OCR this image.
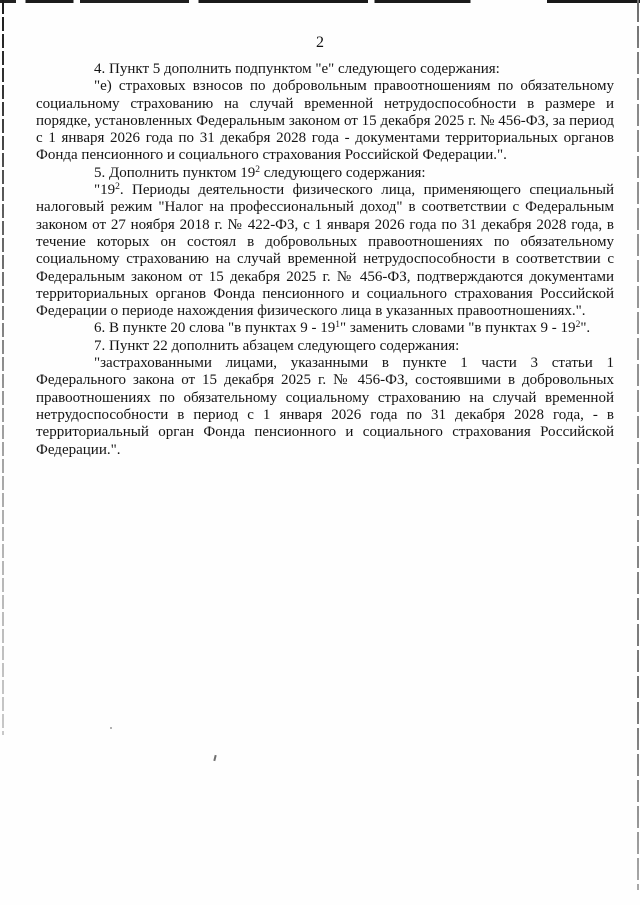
2

4. Пункт 5 дополнить подпунктом "е" следующего содержания:

"е) страховых взносов по добровольным правоотношениям по обязательному социальному страхованию на случай временной нетрудоспособности в размере и порядке, установленных Федеральным законом от 15 декабря 2025 г. № 456-ФЗ, за период с 1 января 2026 года по 31 декабря 2028 года - документами территориальных органов Фонда пенсионного и социального страхования Российской Федерации.".

5. Дополнить пунктом $19^2$ следующего содержания:

"$19^2$. Периоды деятельности физического лица, применяющего специальный налоговый режим "Налог на профессиональный доход" в соответствии с Федеральным законом от 27 ноября 2018 г. № 422-ФЗ, с 1 января 2026 года по 31 декабря 2028 года, в течение которых он состоял в добровольных правоотношениях по обязательному социальному страхованию на случай временной нетрудоспособности в соответствии с Федеральным законом от 15 декабря 2025 г. № 456-ФЗ, подтверждаются документами территориальных органов Фонда пенсионного и социального страхования Российской Федерации о периоде нахождения физического лица в указанных правоотношениях.".

6. В пункте 20 слова "в пунктах $9 - 19^1$" заменить словами "в пунктах $9 - 19^2$".

7. Пункт 22 дополнить абзацем следующего содержания:

"застрахованными лицами, указанными в пункте 1 части 3 статьи 1 Федерального закона от 15 декабря 2025 г. № 456-ФЗ, состоявшими в добровольных правоотношениях по обязательному социальному страхованию на случай временной нетрудоспособности в период с 1 января 2026 года по 31 декабря 2028 года, - в территориальный орган Фонда пенсионного и социального страхования Российской Федерации.".
